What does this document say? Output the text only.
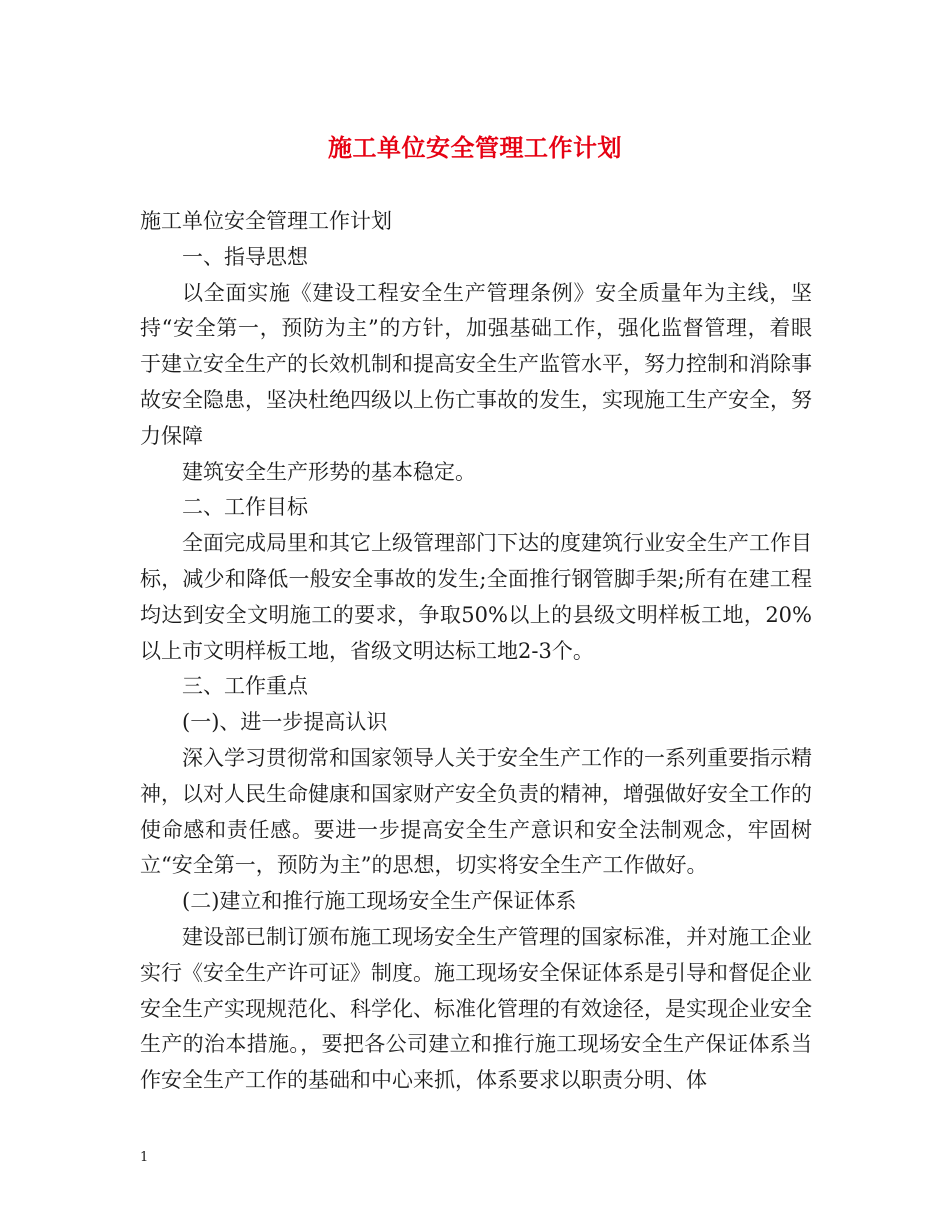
施工单位安全管理工作计划

施工单位安全管理工作计划

一、指导思想

以全面实施《建设工程安全生产管理条例》安全质量年为主线，坚持“安全第一，预防为主”的方针，加强基础工作，强化监督管理，着眼于建立安全生产的长效机制和提高安全生产监管水平，努力控制和消除事故安全隐患，坚决杜绝四级以上伤亡事故的发生，实现施工生产安全，努力保障

建筑安全生产形势的基本稳定。

二、工作目标

全面完成局里和其它上级管理部门下达的度建筑行业安全生产工作目标，减少和降低一般安全事故的发生;全面推行钢管脚手架;所有在建工程均达到安全文明施工的要求，争取50%以上的县级文明样板工地，20%以上市文明样板工地，省级文明达标工地2-3个。

三、工作重点

(一)、进一步提高认识

深入学习贯彻常和国家领导人关于安全生产工作的一系列重要指示精神，以对人民生命健康和国家财产安全负责的精神，增强做好安全工作的使命感和责任感。要进一步提高安全生产意识和安全法制观念，牢固树立“安全第一，预防为主”的思想，切实将安全生产工作做好。

(二)建立和推行施工现场安全生产保证体系

建设部已制订颁布施工现场安全生产管理的国家标准，并对施工企业实行《安全生产许可证》制度。施工现场安全保证体系是引导和督促企业安全生产实现规范化、科学化、标准化管理的有效途径，是实现企业安全生产的治本措施。，要把各公司建立和推行施工现场安全生产保证体系当作安全生产工作的基础和中心来抓，体系要求以职责分明、体

1
